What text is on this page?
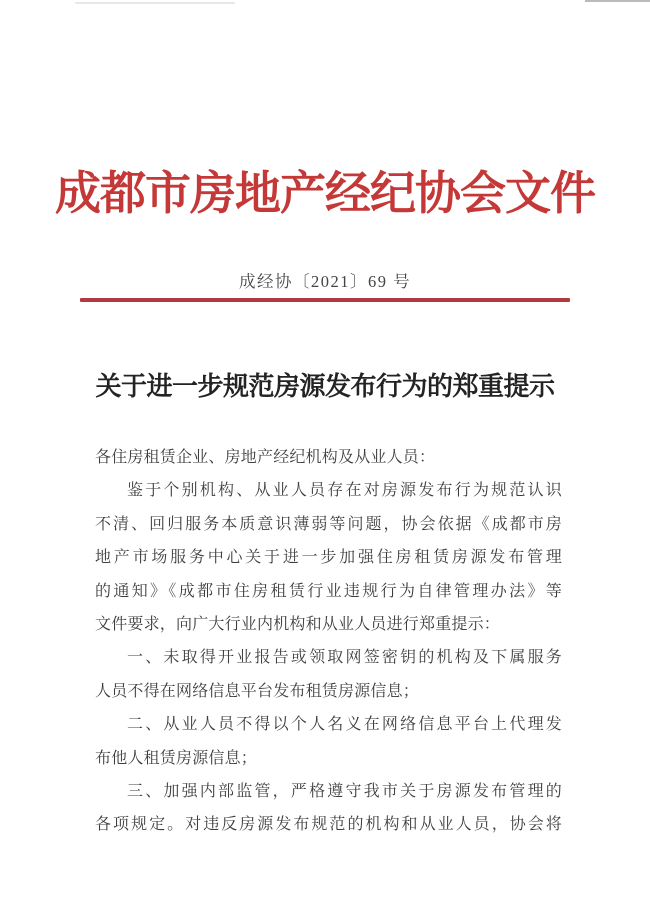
成都市房地产经纪协会文件
成经协〔2021〕69 号
关于进一步规范房源发布行为的郑重提示
各住房租赁企业、房地产经纪机构及从业人员：
鉴于个别机构、从业人员存在对房源发布行为规范认识
不清、回归服务本质意识薄弱等问题，协会依据《成都市房
地产市场服务中心关于进一步加强住房租赁房源发布管理
的通知》《成都市住房租赁行业违规行为自律管理办法》等
文件要求，向广大行业内机构和从业人员进行郑重提示：
一、未取得开业报告或领取网签密钥的机构及下属服务
人员不得在网络信息平台发布租赁房源信息；
二、从业人员不得以个人名义在网络信息平台上代理发
布他人租赁房源信息；
三、加强内部监管，严格遵守我市关于房源发布管理的
各项规定。对违反房源发布规范的机构和从业人员，协会将
